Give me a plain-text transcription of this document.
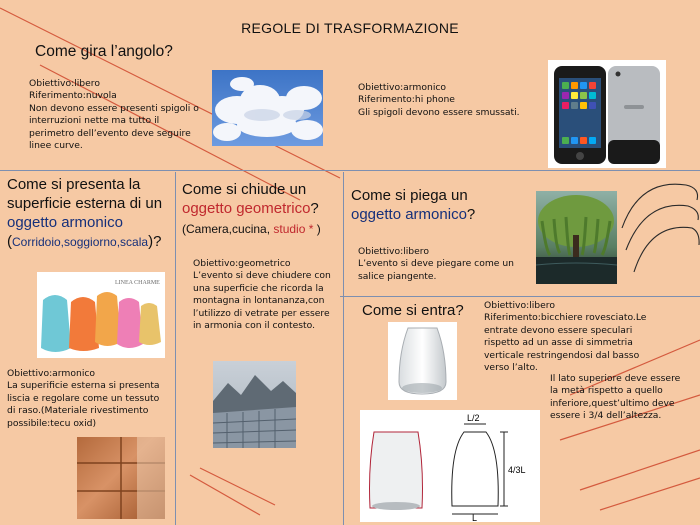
REGOLE DI TRASFORMAZIONE
Come gira l’angolo?
Obiettivo:libero
Riferimento:nuvola
Non devono essere presenti spigoli o
interruzioni nette ma tutto il
perimetro dell’evento deve seguire
linee curve.
Obiettivo:armonico
Riferimento:hi phone
Gli spigoli devono essere smussati.
Come si presenta la
superficie esterna di un
oggetto armonico
(Corridoio,soggiorno,scala)?
LINEA CHARME
Obiettivo:armonico
La superificie esterna si presenta
liscia e regolare come un tessuto
di raso.(Materiale rivestimento
possibile:tecu oxid)
Come si chiude un
oggetto geometrico?
(Camera,cucina, studio * )
Obiettivo:geometrico
L’evento si deve chiudere con
una superficie che ricorda la
montagna in lontananza,con
l’utilizzo di vetrate per essere
in armonia con il contesto.
Come si piega un
oggetto armonico?
Obiettivo:libero
L’evento si deve piegare come un
salice piangente.
Come si entra? Obiettivo:libero
Riferimento:bicchiere rovesciato.Le
entrate devono essere speculari
rispetto ad un asse di simmetria
verticale restringendosi dal basso
verso l’alto.
Il lato superiore deve essere
la metà rispetto a quello
inferiore,quest’ultimo deve
essere i 3/4 dell’altezza.
L/2
4/3L
L
